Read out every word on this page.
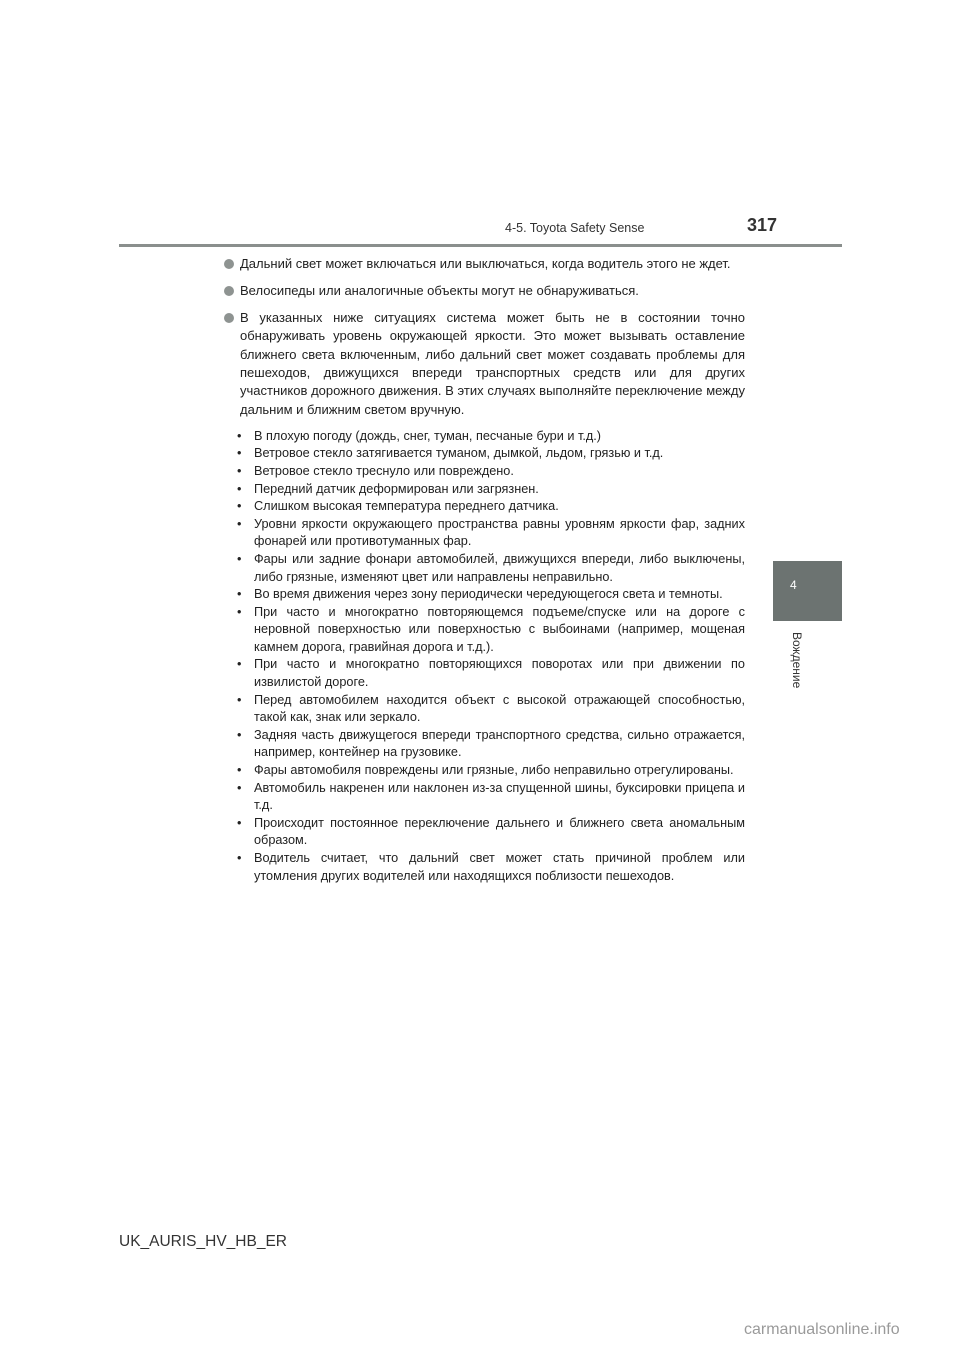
4-5. Toyota Safety Sense	317
4
Вождение
Дальний свет может включаться или выключаться, когда водитель этого не ждет.
Велосипеды или аналогичные объекты могут не обнаруживаться.
В указанных ниже ситуациях система может быть не в состоянии точно обнаруживать уровень окружающей яркости. Это может вызывать оставление ближнего света включенным, либо дальний свет может создавать проблемы для пешеходов, движущихся впереди транспортных средств или для других участников дорожного движения. В этих случаях выполняйте переключение между дальним и ближним светом вручную.
• В плохую погоду (дождь, снег, туман, песчаные бури и т.д.)
• Ветровое стекло затягивается туманом, дымкой, льдом, грязью и т.д.
• Ветровое стекло треснуло или повреждено.
• Передний датчик деформирован или загрязнен.
• Слишком высокая температура переднего датчика.
• Уровни яркости окружающего пространства равны уровням яркости фар, задних фонарей или противотуманных фар.
• Фары или задние фонари автомобилей, движущихся впереди, либо выключены, либо грязные, изменяют цвет или направлены неправильно.
• Во время движения через зону периодически чередующегося света и темноты.
• При часто и многократно повторяющемся подъеме/спуске или на дороге с неровной поверхностью или поверхностью с выбоинами (например, мощеная камнем дорога, гравийная дорога и т.д.).
• При часто и многократно повторяющихся поворотах или при движении по извилистой дороге.
• Перед автомобилем находится объект с высокой отражающей способностью, такой как, знак или зеркало.
• Задняя часть движущегося впереди транспортного средства, сильно отражается, например, контейнер на грузовике.
• Фары автомобиля повреждены или грязные, либо неправильно отрегулированы.
• Автомобиль накренен или наклонен из-за спущенной шины, буксировки прицепа и т.д.
• Происходит постоянное переключение дальнего и ближнего света аномальным образом.
• Водитель считает, что дальний свет может стать причиной проблем или утомления других водителей или находящихся поблизости пешеходов.
UK_AURIS_HV_HB_ER
carmanualsonline.info
